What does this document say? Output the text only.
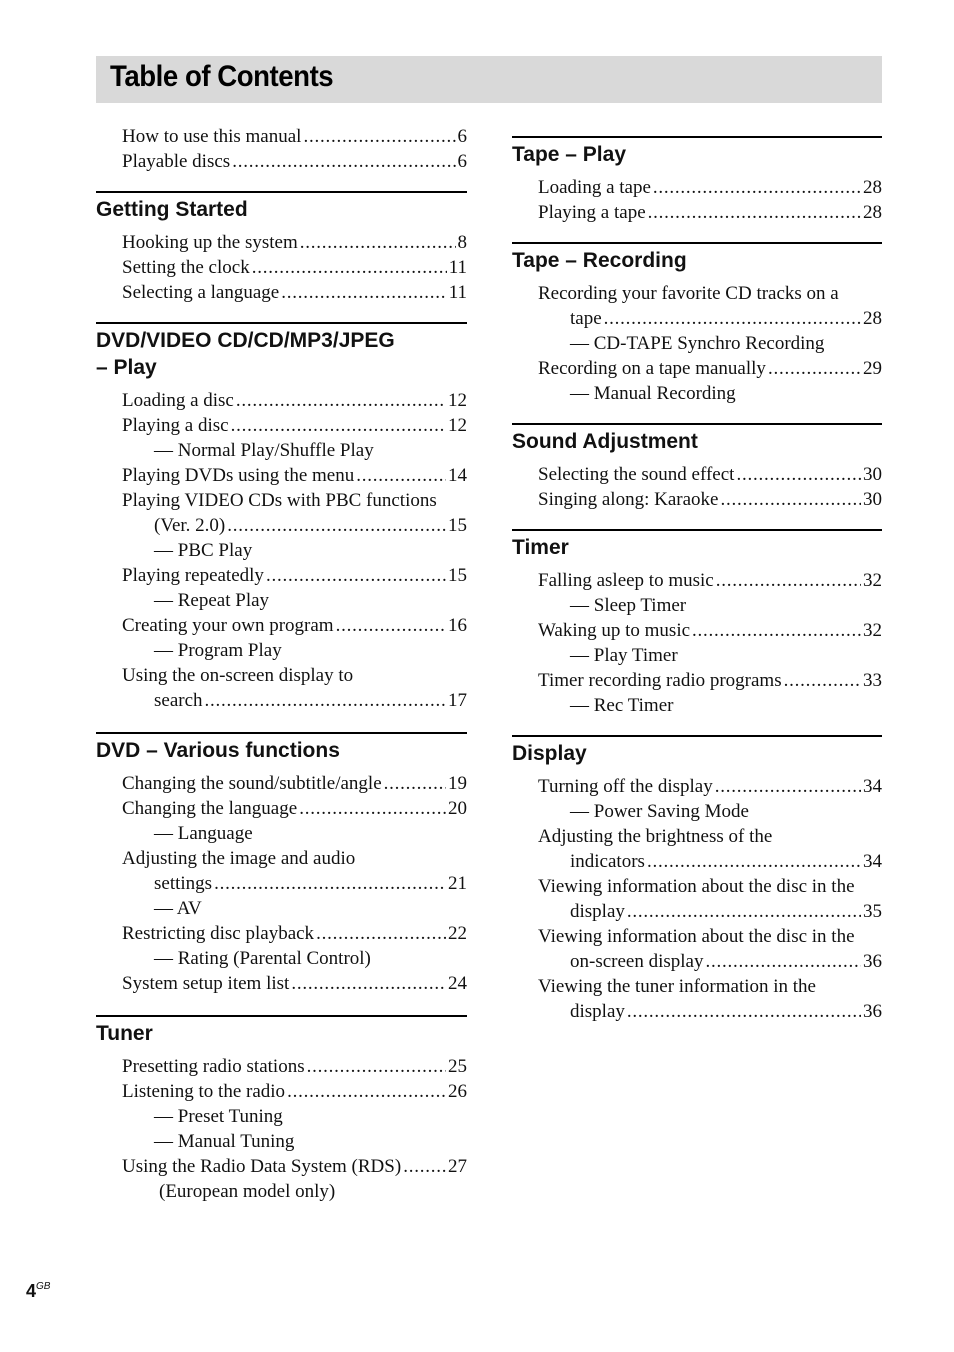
Table of Contents
How to use this manual . . .	6
Playable discs . . .	6
Getting Started
Hooking up the system . . .	8
Setting the clock . . .	11
Selecting a language . . .	11
DVD/VIDEO CD/CD/MP3/JPEG
– Play
Loading a disc . . .	12
Playing a disc . . .	12
— Normal Play/Shuffle Play
Playing DVDs using the menu . . .	14
Playing VIDEO CDs with PBC functions
(Ver. 2.0) . . .	15
— PBC Play
Playing repeatedly . . .	15
— Repeat Play
Creating your own program . . .	16
— Program Play
Using the on-screen display to
search . . .	17
DVD – Various functions
Changing the sound/subtitle/angle . . .	19
Changing the language . . .	20
— Language
Adjusting the image and audio
settings . . .	21
— AV
Restricting disc playback . . .	22
— Rating (Parental Control)
System setup item list . . .	24
Tuner
Presetting radio stations . . .	25
Listening to the radio . . .	26
— Preset Tuning
— Manual Tuning
Using the Radio Data System (RDS) . . . 27
(European model only)
Tape – Play
Loading a tape . . .	28
Playing a tape . . .	28
Tape – Recording
Recording your favorite CD tracks on a
tape . . .	28
— CD-TAPE Synchro Recording
Recording on a tape manually . . .	29
— Manual Recording
Sound Adjustment
Selecting the sound effect . . .	30
Singing along: Karaoke . . .	30
Timer
Falling asleep to music . . .	32
— Sleep Timer
Waking up to music . . .	32
— Play Timer
Timer recording radio programs . . .	33
— Rec Timer
Display
Turning off the display . . .	34
— Power Saving Mode
Adjusting the brightness of the
indicators . . .	34
Viewing information about the disc in the
display . . .	35
Viewing information about the disc in the
on-screen display . . .	36
Viewing the tuner information in the
display . . .	36
$4^{GB}$
